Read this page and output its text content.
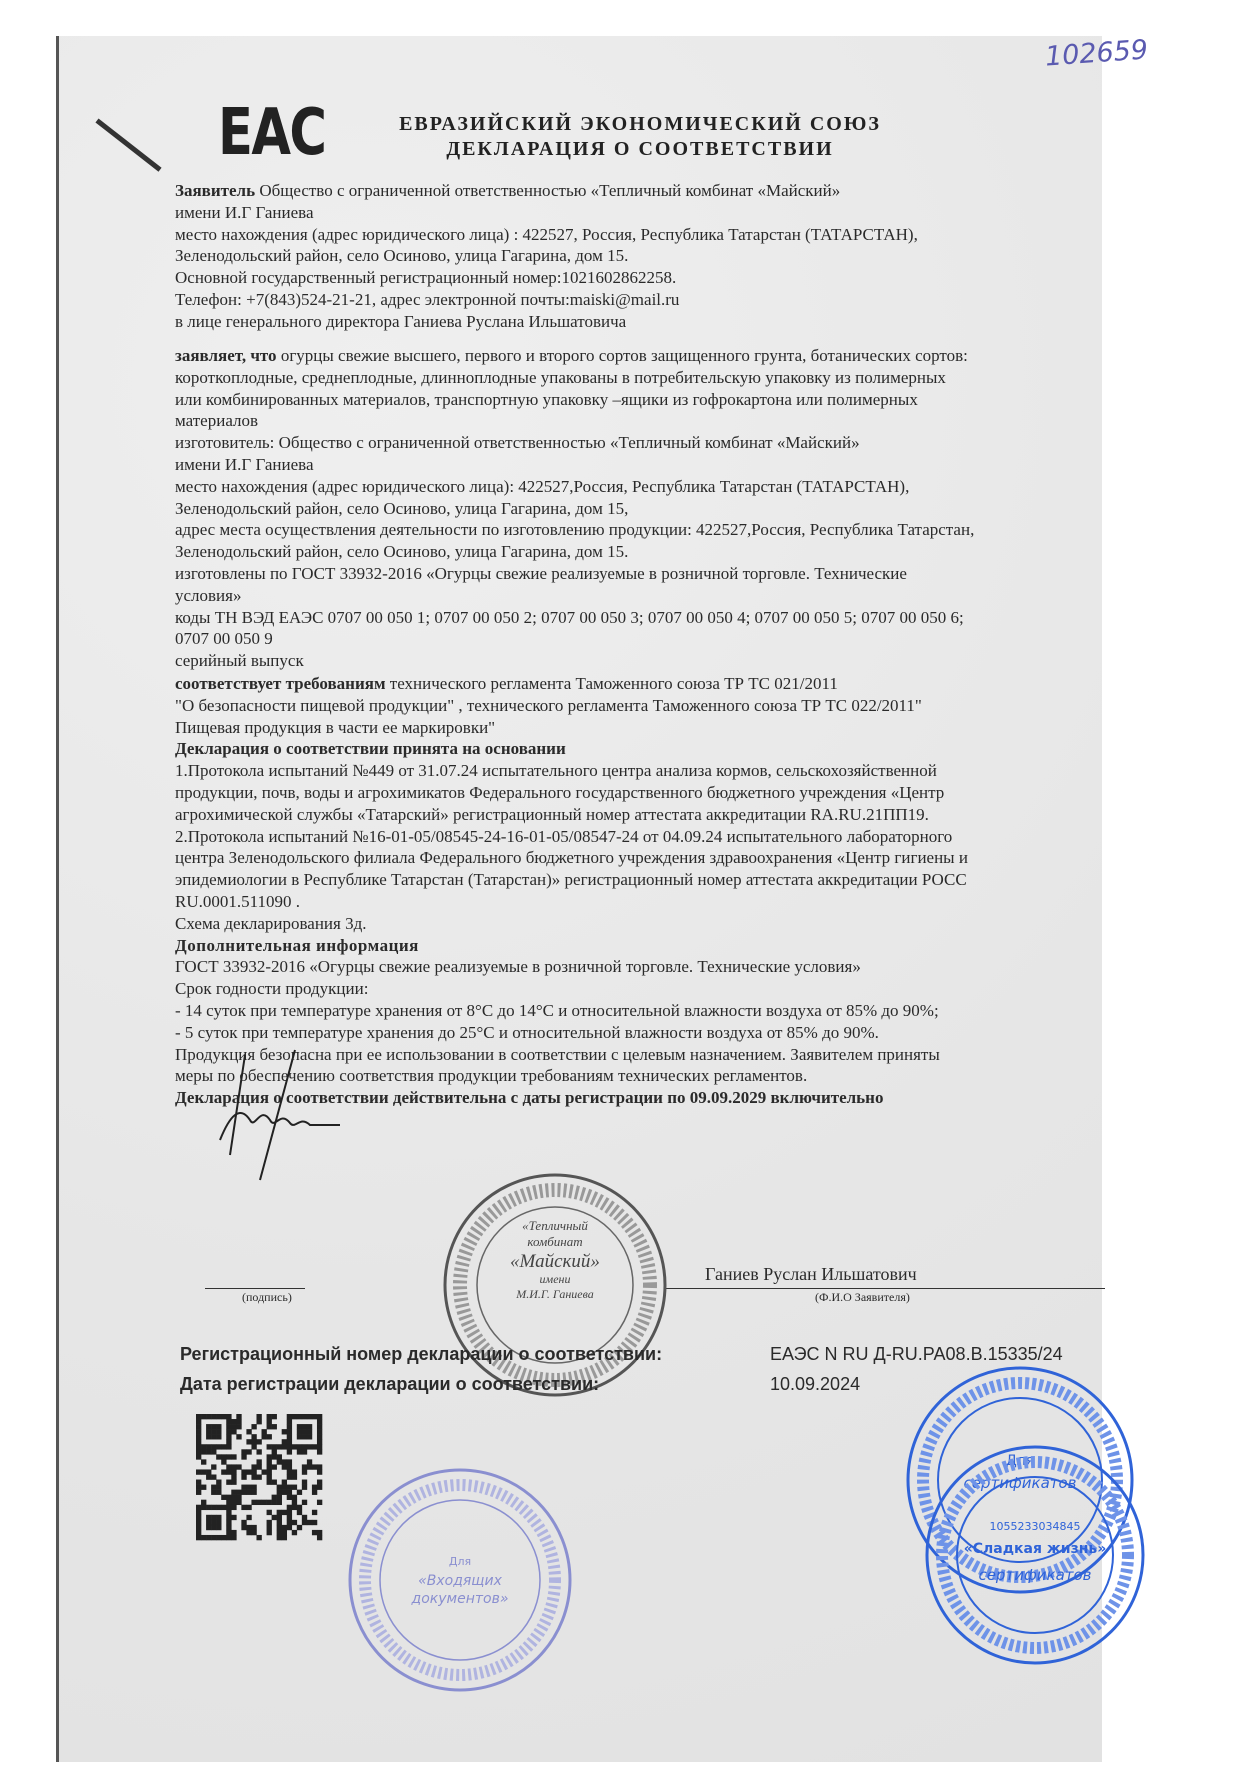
102659
EAC	ЕВРАЗИЙСКИЙ ЭКОНОМИЧЕСКИЙ СОЮЗ
ДЕКЛАРАЦИЯ О СООТВЕТСТВИИ
Заявитель Общество с ограниченной ответственностью «Тепличный комбинат «Майский»
имени И.Г Ганиева
место нахождения (адрес юридического лица) : 422527, Россия, Республика Татарстан (ТАТАРСТАН),
Зеленодольский район, село Осиново, улица Гагарина, дом 15.
Основной государственный регистрационный номер:1021602862258.
Телефон: +7(843)524-21-21, адрес электронной почты:maiski@mail.ru
в лице генерального директора Ганиева Руслана Ильшатовича
заявляет, что огурцы свежие высшего, первого и второго сортов защищенного грунта, ботанических сортов:
короткоплодные, среднеплодные, длинноплодные упакованы в потребительскую упаковку из полимерных
или комбинированных материалов, транспортную упаковку –ящики из гофрокартона или полимерных
материалов
изготовитель: Общество с ограниченной ответственностью «Тепличный комбинат «Майский»
имени И.Г Ганиева
место нахождения (адрес юридического лица): 422527,Россия, Республика Татарстан (ТАТАРСТАН),
Зеленодольский район, село Осиново, улица Гагарина, дом 15,
адрес места осуществления деятельности по изготовлению продукции: 422527,Россия, Республика Татарстан,
Зеленодольский район, село Осиново, улица Гагарина, дом 15.
изготовлены по ГОСТ 33932-2016 «Огурцы свежие реализуемые в розничной торговле. Технические
условия»
коды ТН ВЭД ЕАЭС 0707 00 050 1; 0707 00 050 2; 0707 00 050 3; 0707 00 050 4; 0707 00 050 5; 0707 00 050 6;
0707 00 050 9
серийный выпуск
соответствует требованиям технического регламента Таможенного союза ТР ТС 021/2011
"О безопасности пищевой продукции" , технического регламента Таможенного союза ТР ТС 022/2011"
Пищевая продукция в части ее маркировки"
Декларация о соответствии принята на основании
1.Протокола испытаний №449 от 31.07.24 испытательного центра анализа кормов, сельскохозяйственной
продукции, почв, воды и агрохимикатов Федерального государственного бюджетного учреждения «Центр
агрохимической службы «Татарский» регистрационный номер аттестата аккредитации RA.RU.21ПП19.
2.Протокола испытаний №16-01-05/08545-24-16-01-05/08547-24 от 04.09.24 испытательного лабораторного
центра Зеленодольского филиала Федерального бюджетного учреждения здравоохранения «Центр гигиены и
эпидемиологии в Республике Татарстан (Татарстан)» регистрационный номер аттестата аккредитации РОСС
RU.0001.511090 .
Схема декларирования 3д.
Дополнительная информация
ГОСТ 33932-2016 «Огурцы свежие реализуемые в розничной торговле. Технические условия»
Срок годности продукции:
- 14 суток при температуре хранения от 8°С до 14°С и относительной влажности воздуха от 85% до 90%;
- 5 суток при температуре хранения до 25°С и относительной влажности воздуха от 85% до 90%.
Продукция безопасна при ее использовании в соответствии с целевым назначением. Заявителем приняты
меры по обеспечению соответствия продукции требованиям технических регламентов.
Декларация о соответствии действительна с даты регистрации по 09.09.2029 включительно
(подпись)
Ганиев Руслан Ильшатович
(Ф.И.О Заявителя)
«Тепличный
комбинат
«Майский»
имени
М.И.Г. Ганиева
Регистрационный номер декларации о соответствии:	ЕАЭС N RU Д-RU.РА08.В.15335/24
Дата регистрации декларации о соответствии:	10.09.2024
Для
«Входящих
документов»
Для
сертификатов
1055233034845
«Сладкая жизнь»
сертификатов
